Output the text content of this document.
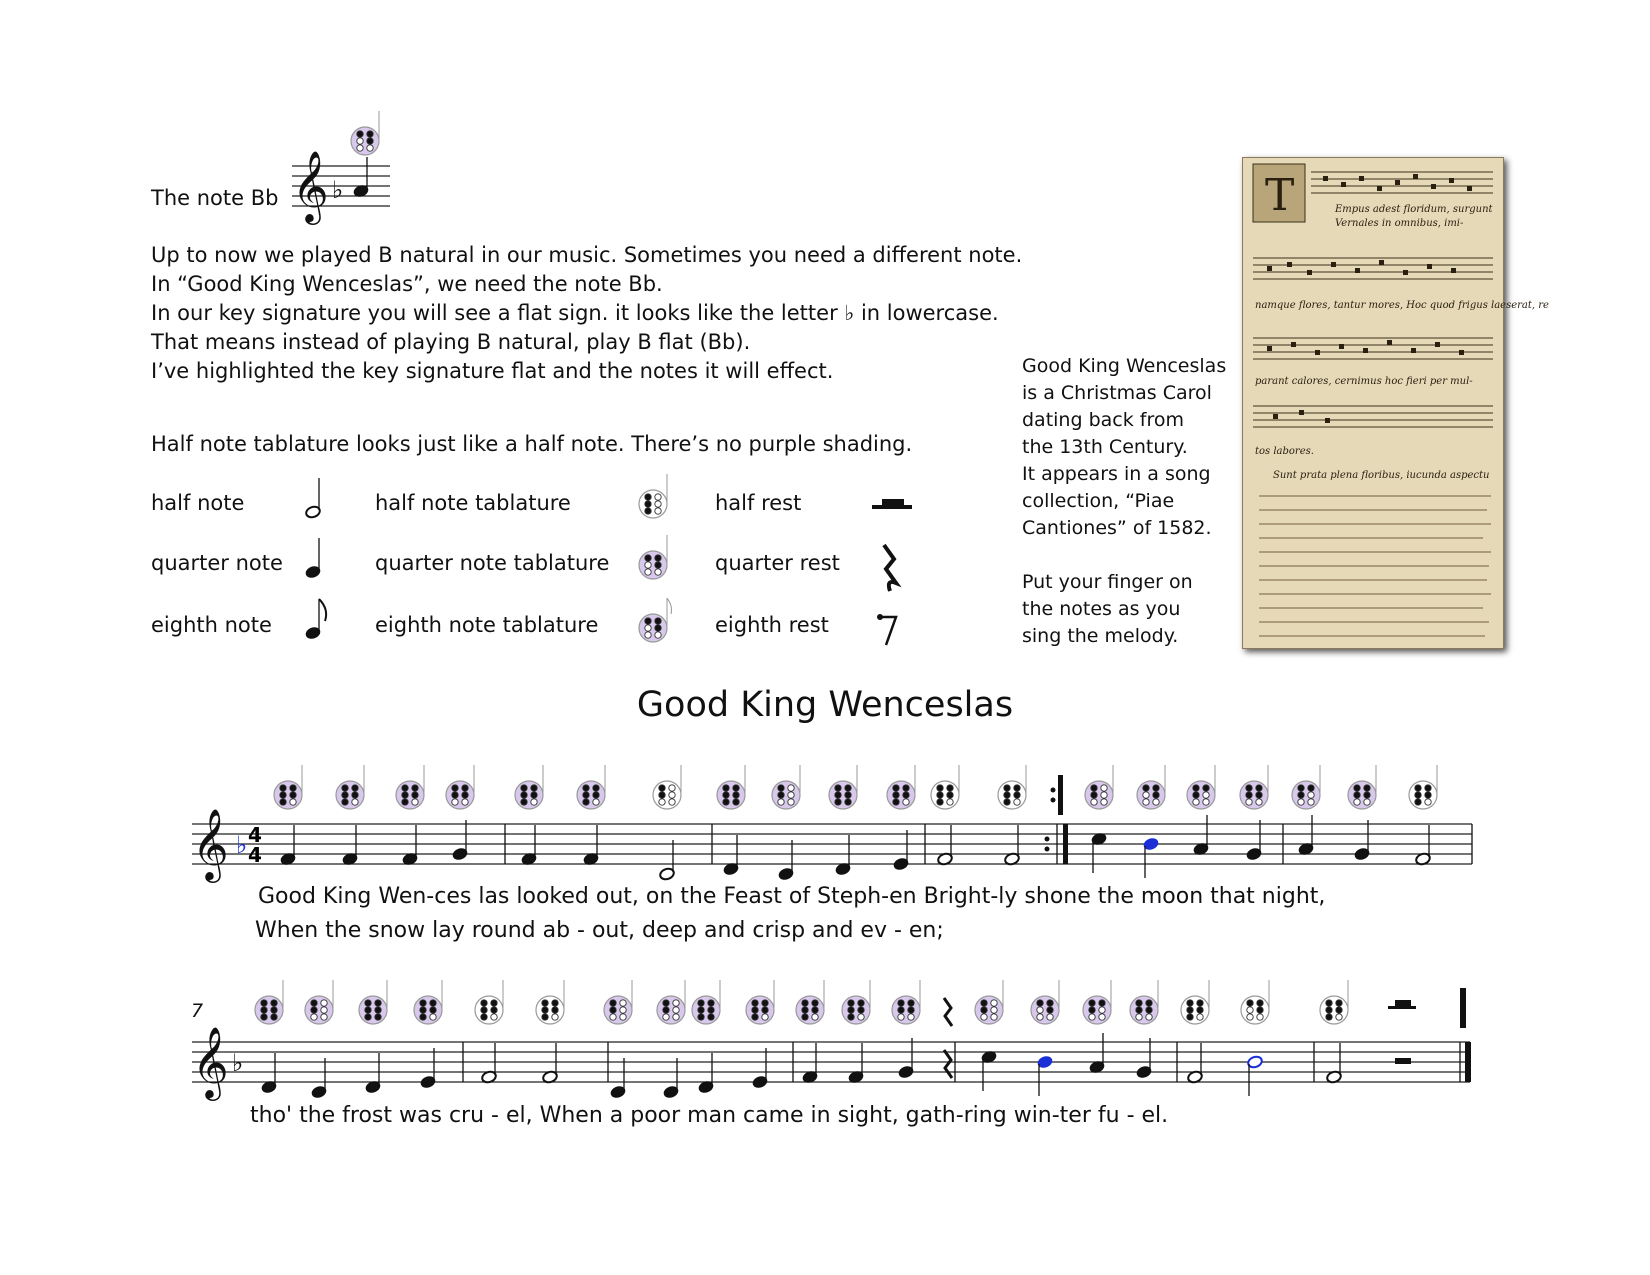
The note Bb
Up to now we played B natural in our music. Sometimes you need a different note.
In “Good King Wenceslas”, we need the note Bb.
In our key signature you will see a flat sign. it looks like the letter ♭ in lowercase.
That means instead of playing B natural, play B flat (Bb).
I’ve highlighted the key signature flat and the notes it will effect.
Half note tablature looks just like a half note. There’s no purple shading.
half note
quarter note
eighth note
half note tablature
quarter note tablature
eighth note tablature
half rest
quarter rest
eighth rest
Good King Wenceslas
is a Christmas Carol
dating back from
the 13th Century.
It appears in a song
collection, “Piae
Cantiones” of 1582.
Put your finger on
the notes as you
sing the melody.
T	Empus adest floridum, surgunt
Vernales in omnibus, imi-
namque flores, tantur mores, Hoc quod frigus laeserat, re
parant calores, cernimus hoc fieri per mul-
tos labores.
Sunt prata plena floribus, iucunda aspectu
Good King Wenceslas
Good King Wen-ces las looked out, on the Feast of Steph-en Bright-ly shone the moon that night,
When the snow lay round ab - out, deep and crisp and ev - en;
tho' the frost was cru - el, When a poor man came in sight, gath-ring win-ter fu - el.
7
𝄞 ♭
𝄞 ♭ 4
4
𝄞 ♭
